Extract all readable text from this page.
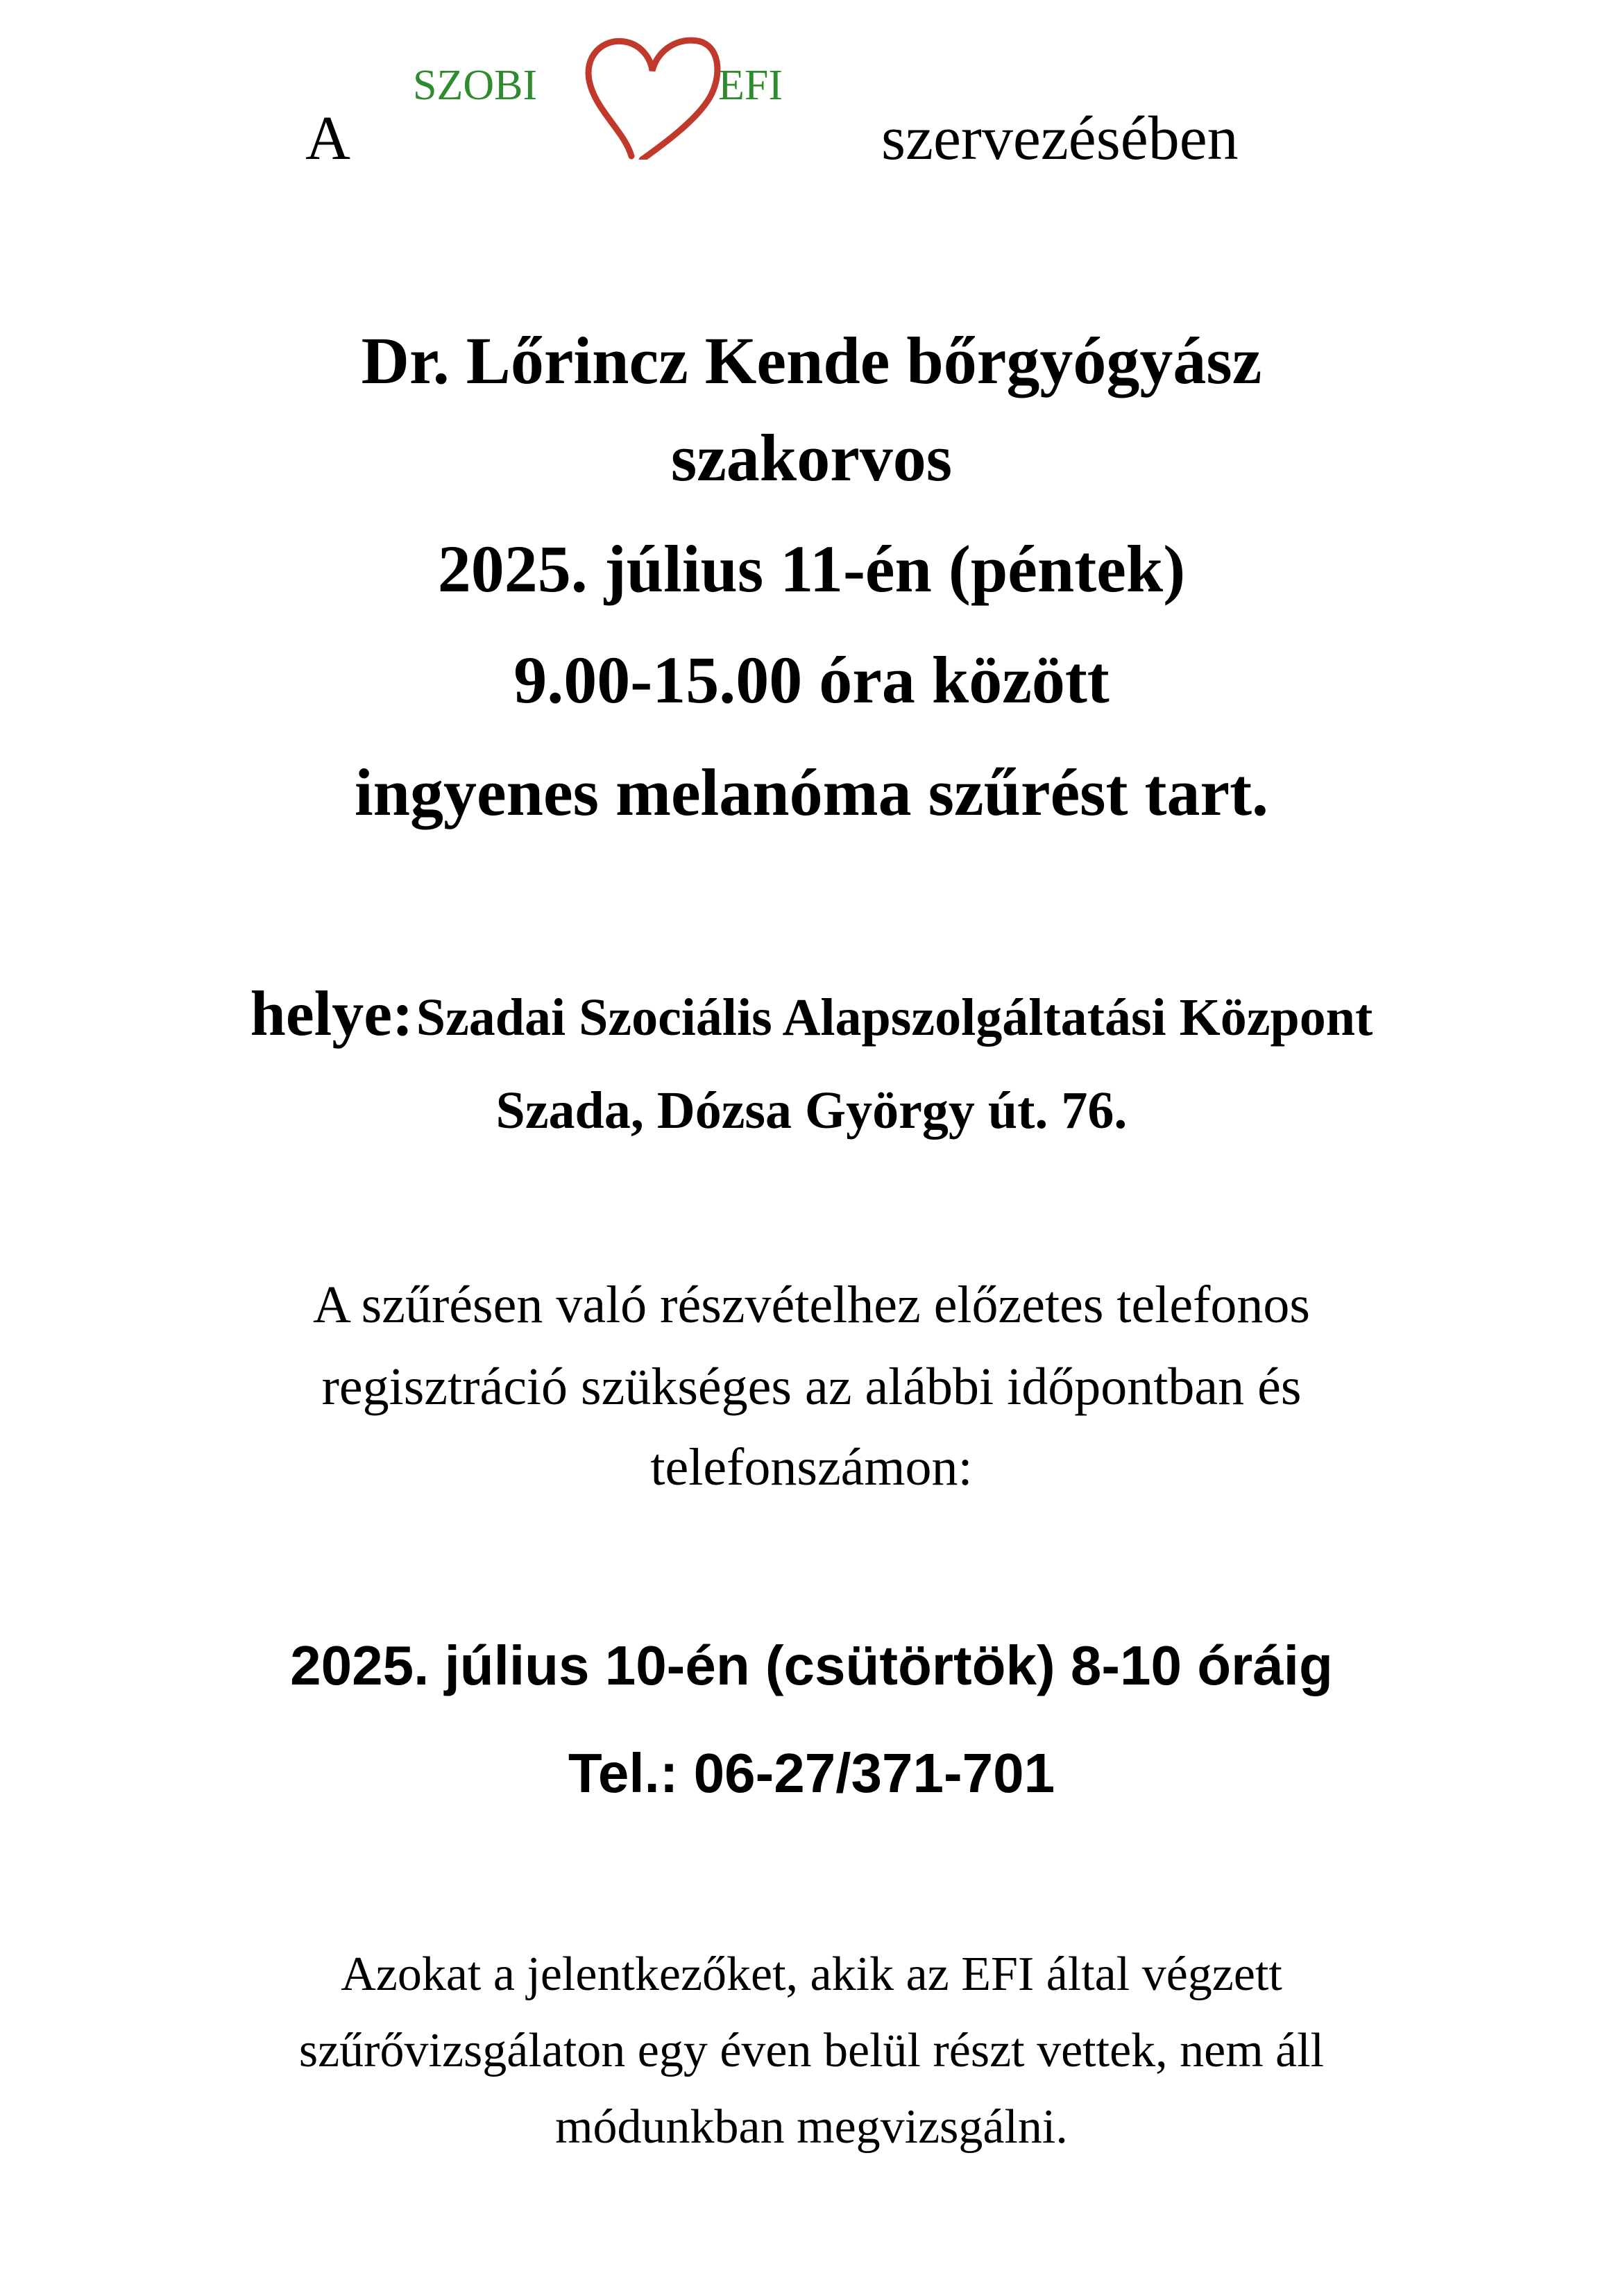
A

SZOBI	EFI

szervezésében

Dr. Lőrincz Kende bőrgyógyász

szakorvos

2025. július 11-én (péntek)

9.00-15.00 óra között

ingyenes melanóma szűrést tart.

helye: Szadai Szociális Alapszolgáltatási Központ

Szada, Dózsa György út. 76.

A szűrésen való részvételhez előzetes telefonos

regisztráció szükséges az alábbi időpontban és

telefonszámon:

2025. július 10-én (csütörtök) 8-10 óráig

Tel.: 06-27/371-701

Azokat a jelentkezőket, akik az EFI által végzett

szűrővizsgálaton egy éven belül részt vettek, nem áll

módunkban megvizsgálni.
